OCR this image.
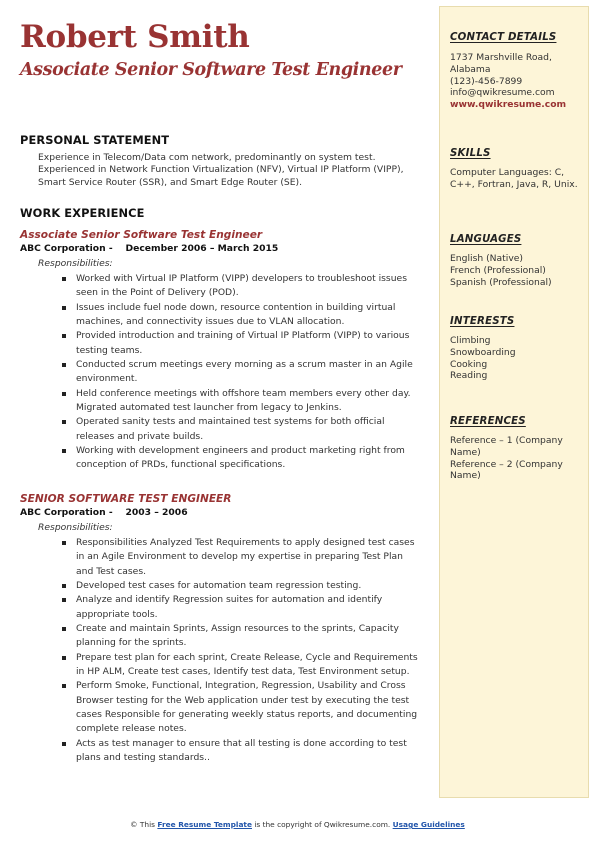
Robert Smith
Associate Senior Software Test Engineer
PERSONAL STATEMENT
Experience in Telecom/Data com network, predominantly on system test. Experienced in Network Function Virtualization (NFV), Virtual IP Platform (VIPP), Smart Service Router (SSR), and Smart Edge Router (SE).
WORK EXPERIENCE
Associate Senior Software Test Engineer
ABC Corporation -    December 2006 – March 2015
Responsibilities:
Worked with Virtual IP Platform (VIPP) developers to troubleshoot issues seen in the Point of Delivery (POD).
Issues include fuel node down, resource contention in building virtual machines, and connectivity issues due to VLAN allocation.
Provided introduction and training of Virtual IP Platform (VIPP) to various testing teams.
Conducted scrum meetings every morning as a scrum master in an Agile environment.
Held conference meetings with offshore team members every other day. Migrated automated test launcher from legacy to Jenkins.
Operated sanity tests and maintained test systems for both official releases and private builds.
Working with development engineers and product marketing right from conception of PRDs, functional specifications.
SENIOR SOFTWARE TEST ENGINEER
ABC Corporation -    2003 – 2006
Responsibilities:
Responsibilities Analyzed Test Requirements to apply designed test cases in an Agile Environment to develop my expertise in preparing Test Plan and Test cases.
Developed test cases for automation team regression testing.
Analyze and identify Regression suites for automation and identify appropriate tools.
Create and maintain Sprints, Assign resources to the sprints, Capacity planning for the sprints.
Prepare test plan for each sprint, Create Release, Cycle and Requirements in HP ALM, Create test cases, Identify test data, Test Environment setup.
Perform Smoke, Functional, Integration, Regression, Usability and Cross Browser testing for the Web application under test by executing the test cases Responsible for generating weekly status reports, and documenting complete release notes.
Acts as test manager to ensure that all testing is done according to test plans and testing standards..
CONTACT DETAILS
1737 Marshville Road, Alabama
(123)-456-7899
info@qwikresume.com
www.qwikresume.com
SKILLS
Computer Languages: C, C++, Fortran, Java, R, Unix.
LANGUAGES
English (Native)
French (Professional)
Spanish (Professional)
INTERESTS
Climbing
Snowboarding
Cooking
Reading
REFERENCES
Reference – 1 (Company Name)
Reference – 2 (Company Name)
© This Free Resume Template is the copyright of Qwikresume.com. Usage Guidelines
